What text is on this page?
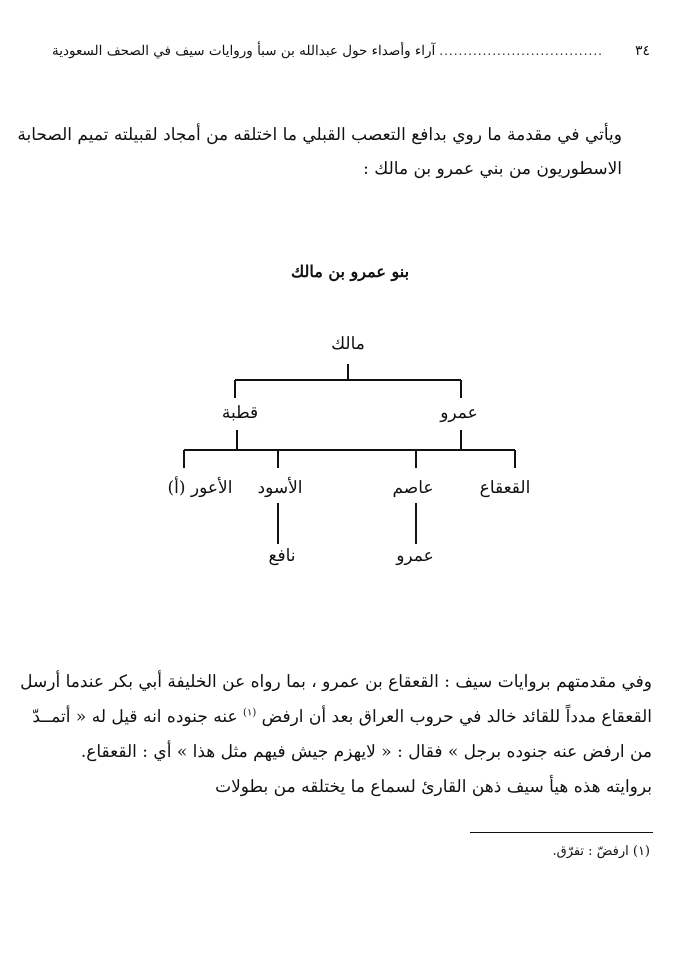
٣٤
..................................
آراء وأصداء حول عبدالله بن سبأ وروايات سيف في الصحف السعودية
ويأتي في مقدمة ما روي بدافع التعصب القبلي ما اختلقه من أمجاد لقبيلته تميم الصحابة
الاسطوريون من بني عمرو بن مالك :
بنو عمرو بن مالك
مالك
قطبة	عمرو
الأعور (أ) الأسود	عاصم	القعقاع
نافع	عمرو
وفي مقدمتهم بروايات سيف : القعقاع بن عمرو ، بما رواه عن الخليفة أبي بكر عندما أرسل
القعقاع مدداً للقائد خالد في حروب العراق بعد أن ارفض $^{(١)}$ عنه جنوده انه قيل له « أتمــدّ
من ارفض عنه جنوده برجل » فقال : « لايهزم جيش فيهم مثل هذا » أي : القعقاع.
بروايته هذه هيأ سيف ذهن القارئ لسماع ما يختلقه من بطولات
(١) ارفضّ : تفرّق.
